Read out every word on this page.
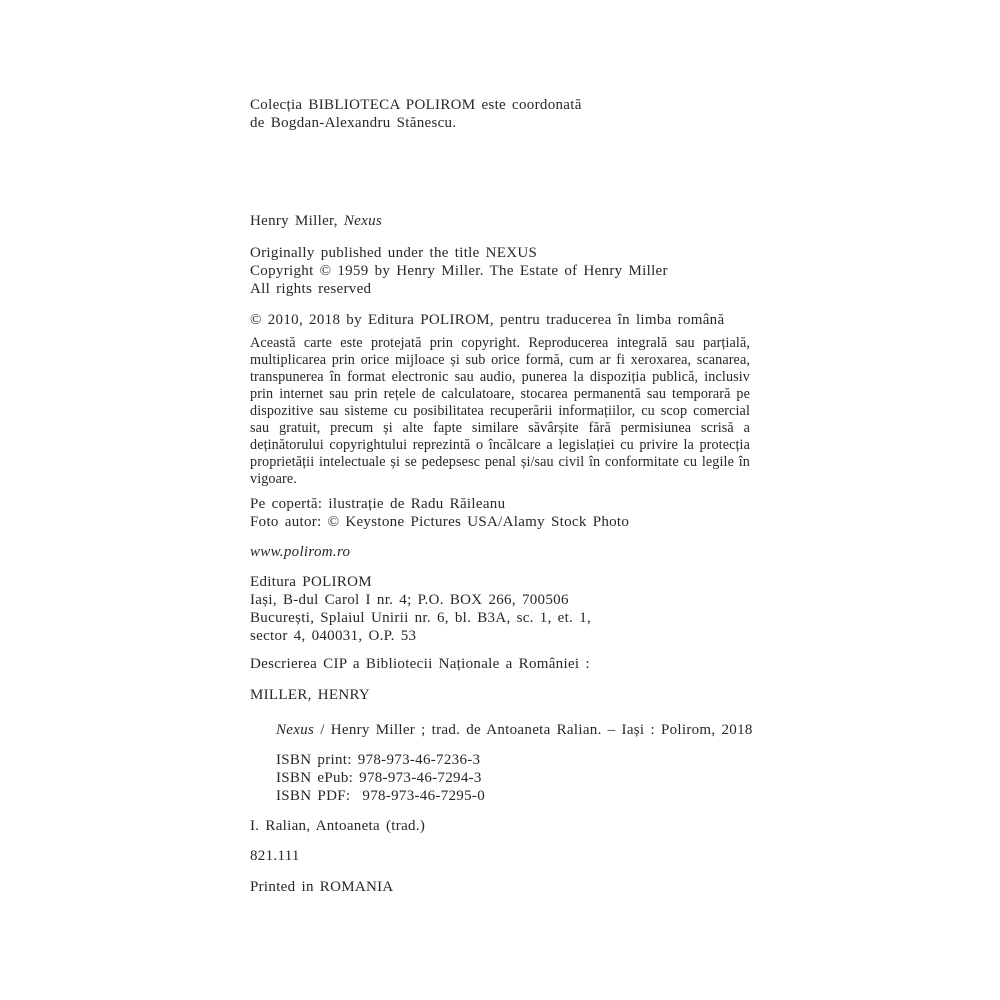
Colecția BIBLIOTECA POLIROM este coordonată
de Bogdan-Alexandru Stănescu.
Henry Miller, Nexus
Originally published under the title NEXUS
Copyright © 1959 by Henry Miller. The Estate of Henry Miller
All rights reserved
© 2010, 2018 by Editura POLIROM, pentru traducerea în limba română

Această carte este protejată prin copyright. Reproducerea integrală sau parțială, multiplicarea prin orice mijloace și sub orice formă, cum ar fi xeroxarea, scanarea, transpunerea în format electronic sau audio, punerea la dispoziția publică, inclusiv prin internet sau prin rețele de calculatoare, stocarea permanentă sau temporară pe dispozitive sau sisteme cu posibilitatea recuperării informațiilor, cu scop comercial sau gratuit, precum și alte fapte similare săvârșite fără permisiunea scrisă a deținătorului copyrightului reprezintă o încălcare a legislației cu privire la protecția proprietății intelectuale și se pedepsesc penal și/sau civil în conformitate cu legile în vigoare.

Pe copertă: ilustrație de Radu Răileanu
Foto autor: © Keystone Pictures USA/Alamy Stock Photo
www.polirom.ro
Editura POLIROM
Iași, B-dul Carol I nr. 4; P.O. BOX 266, 700506
București, Splaiul Unirii nr. 6, bl. B3A, sc. 1, et. 1,
sector 4, 040031, O.P. 53
Descrierea CIP a Bibliotecii Naționale a României :
MILLER, HENRY
Nexus / Henry Miller ; trad. de Antoaneta Ralian. – Iași : Polirom, 2018
ISBN print: 978-973-46-7236-3
ISBN ePub: 978-973-46-7294-3
ISBN PDF:  978-973-46-7295-0
I. Ralian, Antoaneta (trad.)
821.111
Printed in ROMANIA
